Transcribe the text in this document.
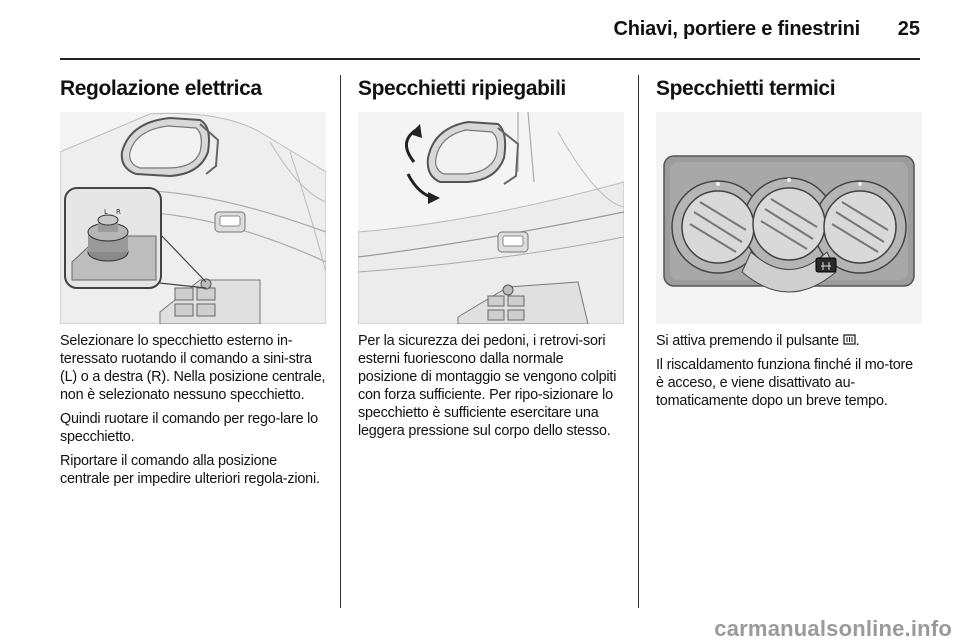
Chiavi, portiere e finestrini	25
Regolazione elettrica
L R

Selezionare lo specchietto esterno in-teressato ruotando il comando a sini-stra (L) o a destra (R). Nella posizione centrale, non è selezionato nessuno specchietto.

Quindi ruotare il comando per rego-lare lo specchietto.

Riportare il comando alla posizione centrale per impedire ulteriori regola-zioni.

Specchietti ripiegabili

Per la sicurezza dei pedoni, i retrovi-sori esterni fuoriescono dalla normale posizione di montaggio se vengono colpiti con forza sufficiente. Per ripo-sizionare lo specchietto è sufficiente esercitare una leggera pressione sul corpo dello stesso.

Specchietti termici

Si attiva premendo il pulsante .

Il riscaldamento funziona finché il mo-tore è acceso, e viene disattivato au-tomaticamente dopo un breve tempo.

carmanualsonline.info
